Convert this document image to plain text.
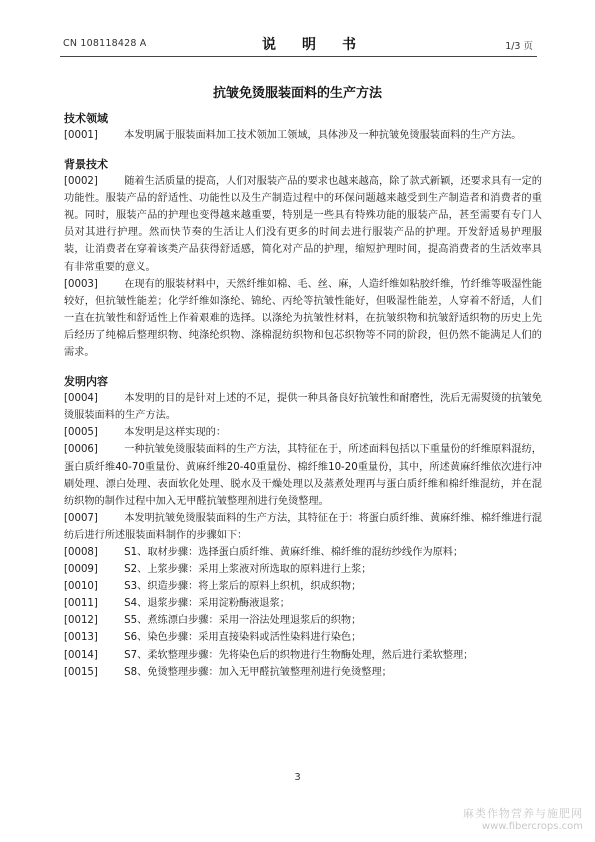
CN 108118428 A	说　明　书	1/3 页
抗皱免烫服装面料的生产方法
技术领域

[0001]　本发明属于服装面料加工技术领加工领域，具体涉及一种抗皱免烫服装面料的生产方法。

背景技术

[0002]　随着生活质量的提高，人们对服装产品的要求也越来越高，除了款式新颖，还要求具有一定的功能性。服装产品的舒适性、功能性以及生产制造过程中的环保问题越来越受到生产制造者和消费者的重视。同时，服装产品的护理也变得越来越重要，特别是一些具有特殊功能的服装产品，甚至需要有专门人员对其进行护理。然而快节奏的生活让人们没有更多的时间去进行服装产品的护理。开发舒适易护理服装，让消费者在穿着该类产品获得舒适感，简化对产品的护理，缩短护理时间，提高消费者的生活效率具有非常重要的意义。

[0003]　在现有的服装材料中，天然纤维如棉、毛、丝、麻，人造纤维如粘胶纤维，竹纤维等吸湿性能较好，但抗皱性能差；化学纤维如涤纶、锦纶、丙纶等抗皱性能好，但吸湿性能差，人穿着不舒适，人们一直在抗皱性和舒适性上作着艰难的选择。以涤纶为抗皱性材料，在抗皱织物和抗皱舒适织物的历史上先后经历了纯棉后整理织物、纯涤纶织物、涤棉混纺织物和包芯织物等不同的阶段，但仍然不能满足人们的需求。

发明内容

[0004]　本发明的目的是针对上述的不足，提供一种具备良好抗皱性和耐磨性，洗后无需熨烫的抗皱免烫服装面料的生产方法。

[0005]　本发明是这样实现的：

[0006]　一种抗皱免烫服装面料的生产方法，其特征在于，所述面料包括以下重量份的纤维原料混纺，蛋白质纤维40-70重量份、黄麻纤维20-40重量份、棉纤维10-20重量份，其中，所述黄麻纤维依次进行冲刷处理、漂白处理、表面软化处理、脱水及干燥处理以及蒸煮处理再与蛋白质纤维和棉纤维混纺，并在混纺织物的制作过程中加入无甲醛抗皱整理剂进行免烫整理。

[0007]　本发明抗皱免烫服装面料的生产方法，其特征在于：将蛋白质纤维、黄麻纤维、棉纤维进行混纺后进行所述服装面料制作的步骤如下：

[0008]　S1、取材步骤：选择蛋白质纤维、黄麻纤维、棉纤维的混纺纱线作为原料；

[0009]　S2、上浆步骤：采用上浆液对所选取的原料进行上浆；

[0010]　S3、织造步骤：将上浆后的原料上织机，织成织物；

[0011]　S4、退浆步骤：采用淀粉酶液退浆；

[0012]　S5、煮练漂白步骤：采用一浴法处理退浆后的织物；

[0013]　S6、染色步骤：采用直接染料或活性染料进行染色；

[0014]　S7、柔软整理步骤：先将染色后的织物进行生物酶处理，然后进行柔软整理；

[0015]　S8、免烫整理步骤：加入无甲醛抗皱整理剂进行免烫整理；

3
麻类作物营养与施肥网
www.fibercrops.com
